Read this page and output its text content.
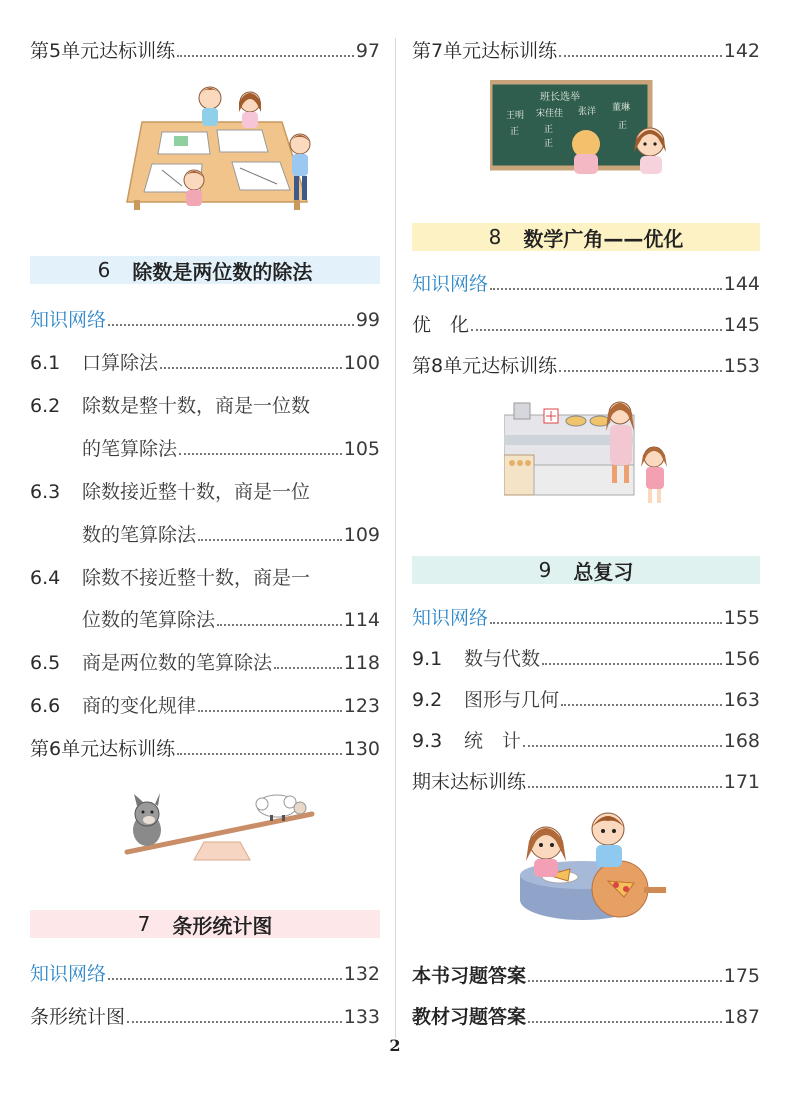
第5单元达标训练	97
6 除数是两位数的除法
知识网络	99
6.1	口算除法	100
6.2	除数是整十数，商是一位数
的笔算除法	105
6.3	除数接近整十数，商是一位
数的笔算除法	109
6.4	除数不接近整十数，商是一
位数的笔算除法	114
6.5	商是两位数的笔算除法	118
6.6	商的变化规律	123
第6单元达标训练	130
7 条形统计图
知识网络	132
条形统计图	133
第7单元达标训练	142
班长选举
王明 宋佳佳 张洋 董琳
正	正
正
正
8 数学广角——优化
知识网络	144
优　化	145
第8单元达标训练	153
9 总复习
知识网络	155
9.1	数与代数	156
9.2	图形与几何	163
9.3	统　计	168
期末达标训练	171
本书习题答案	175
教材习题答案	187
2
